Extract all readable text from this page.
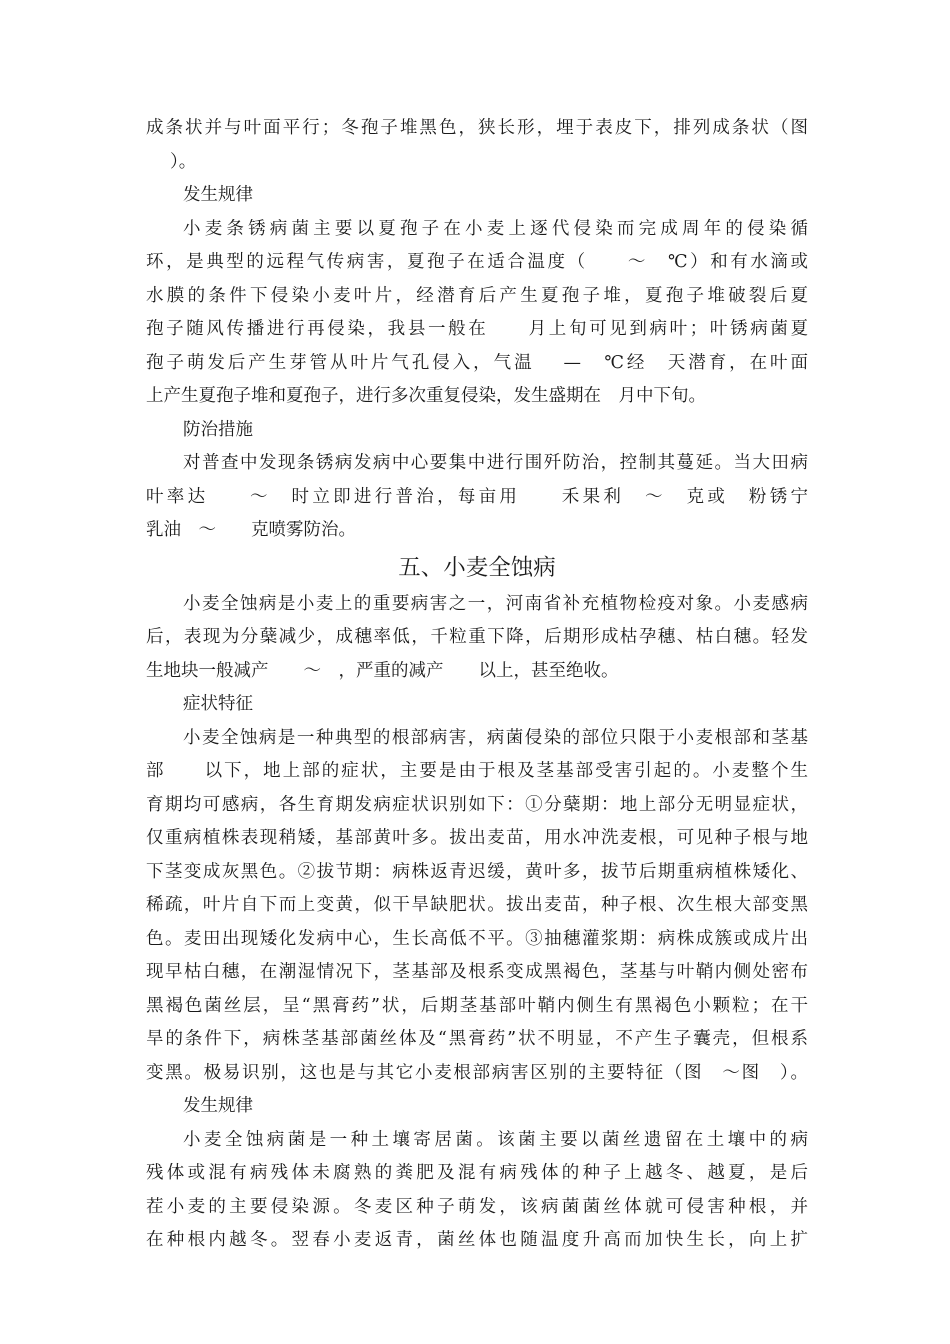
成条状并与叶面平行；冬孢子堆黑色，狭长形，埋于表皮下，排列成条状（图
）。
发生规律
小麦条锈病菌主要以夏孢子在小麦上逐代侵染而完成周年的侵染循
环，是典型的远程气传病害，夏孢子在适合温度（　　～　℃）和有水滴或
水膜的条件下侵染小麦叶片，经潜育后产生夏孢子堆，夏孢子堆破裂后夏
孢子随风传播进行再侵染，我县一般在　　月上旬可见到病叶；叶锈病菌夏
孢子萌发后产生芽管从叶片气孔侵入，气温　 —　℃经　天潜育，在叶面
上产生夏孢子堆和夏孢子，进行多次重复侵染，发生盛期在　月中下旬。
防治措施
对普查中发现条锈病发病中心要集中进行围歼防治，控制其蔓延。当大田病
叶率达　　～　时立即进行普治，每亩用　　禾果利　～　克或　粉锈宁
乳油　～　　克喷雾防治。
五、小麦全蚀病
小麦全蚀病是小麦上的重要病害之一，河南省补充植物检疫对象。小麦感病
后，表现为分蘖减少，成穗率低，千粒重下降，后期形成枯孕穗、枯白穗。轻发
生地块一般减产　　～　，严重的减产　　以上，甚至绝收。
症状特征
小麦全蚀病是一种典型的根部病害，病菌侵染的部位只限于小麦根部和茎基
部　　以下，地上部的症状，主要是由于根及茎基部受害引起的。小麦整个生
育期均可感病，各生育期发病症状识别如下：①分蘖期：地上部分无明显症状，
仅重病植株表现稍矮，基部黄叶多。拔出麦苗，用水冲洗麦根，可见种子根与地
下茎变成灰黑色。②拔节期：病株返青迟缓，黄叶多，拔节后期重病植株矮化、
稀疏，叶片自下而上变黄，似干旱缺肥状。拔出麦苗，种子根、次生根大部变黑
色。麦田出现矮化发病中心，生长高低不平。③抽穗灌浆期：病株成簇或成片出
现早枯白穗，在潮湿情况下，茎基部及根系变成黑褐色，茎基与叶鞘内侧处密布
黑褐色菌丝层，呈“黑膏药”状，后期茎基部叶鞘内侧生有黑褐色小颗粒；在干
旱的条件下，病株茎基部菌丝体及“黑膏药”状不明显，不产生子囊壳，但根系
变黑。极易识别，这也是与其它小麦根部病害区别的主要特征（图　～图　）。
发生规律
小麦全蚀病菌是一种土壤寄居菌。该菌主要以菌丝遗留在土壤中的病
残体或混有病残体未腐熟的粪肥及混有病残体的种子上越冬、越夏，是后
茬小麦的主要侵染源。冬麦区种子萌发，该病菌菌丝体就可侵害种根，并
在种根内越冬。翌春小麦返青，菌丝体也随温度升高而加快生长，向上扩
